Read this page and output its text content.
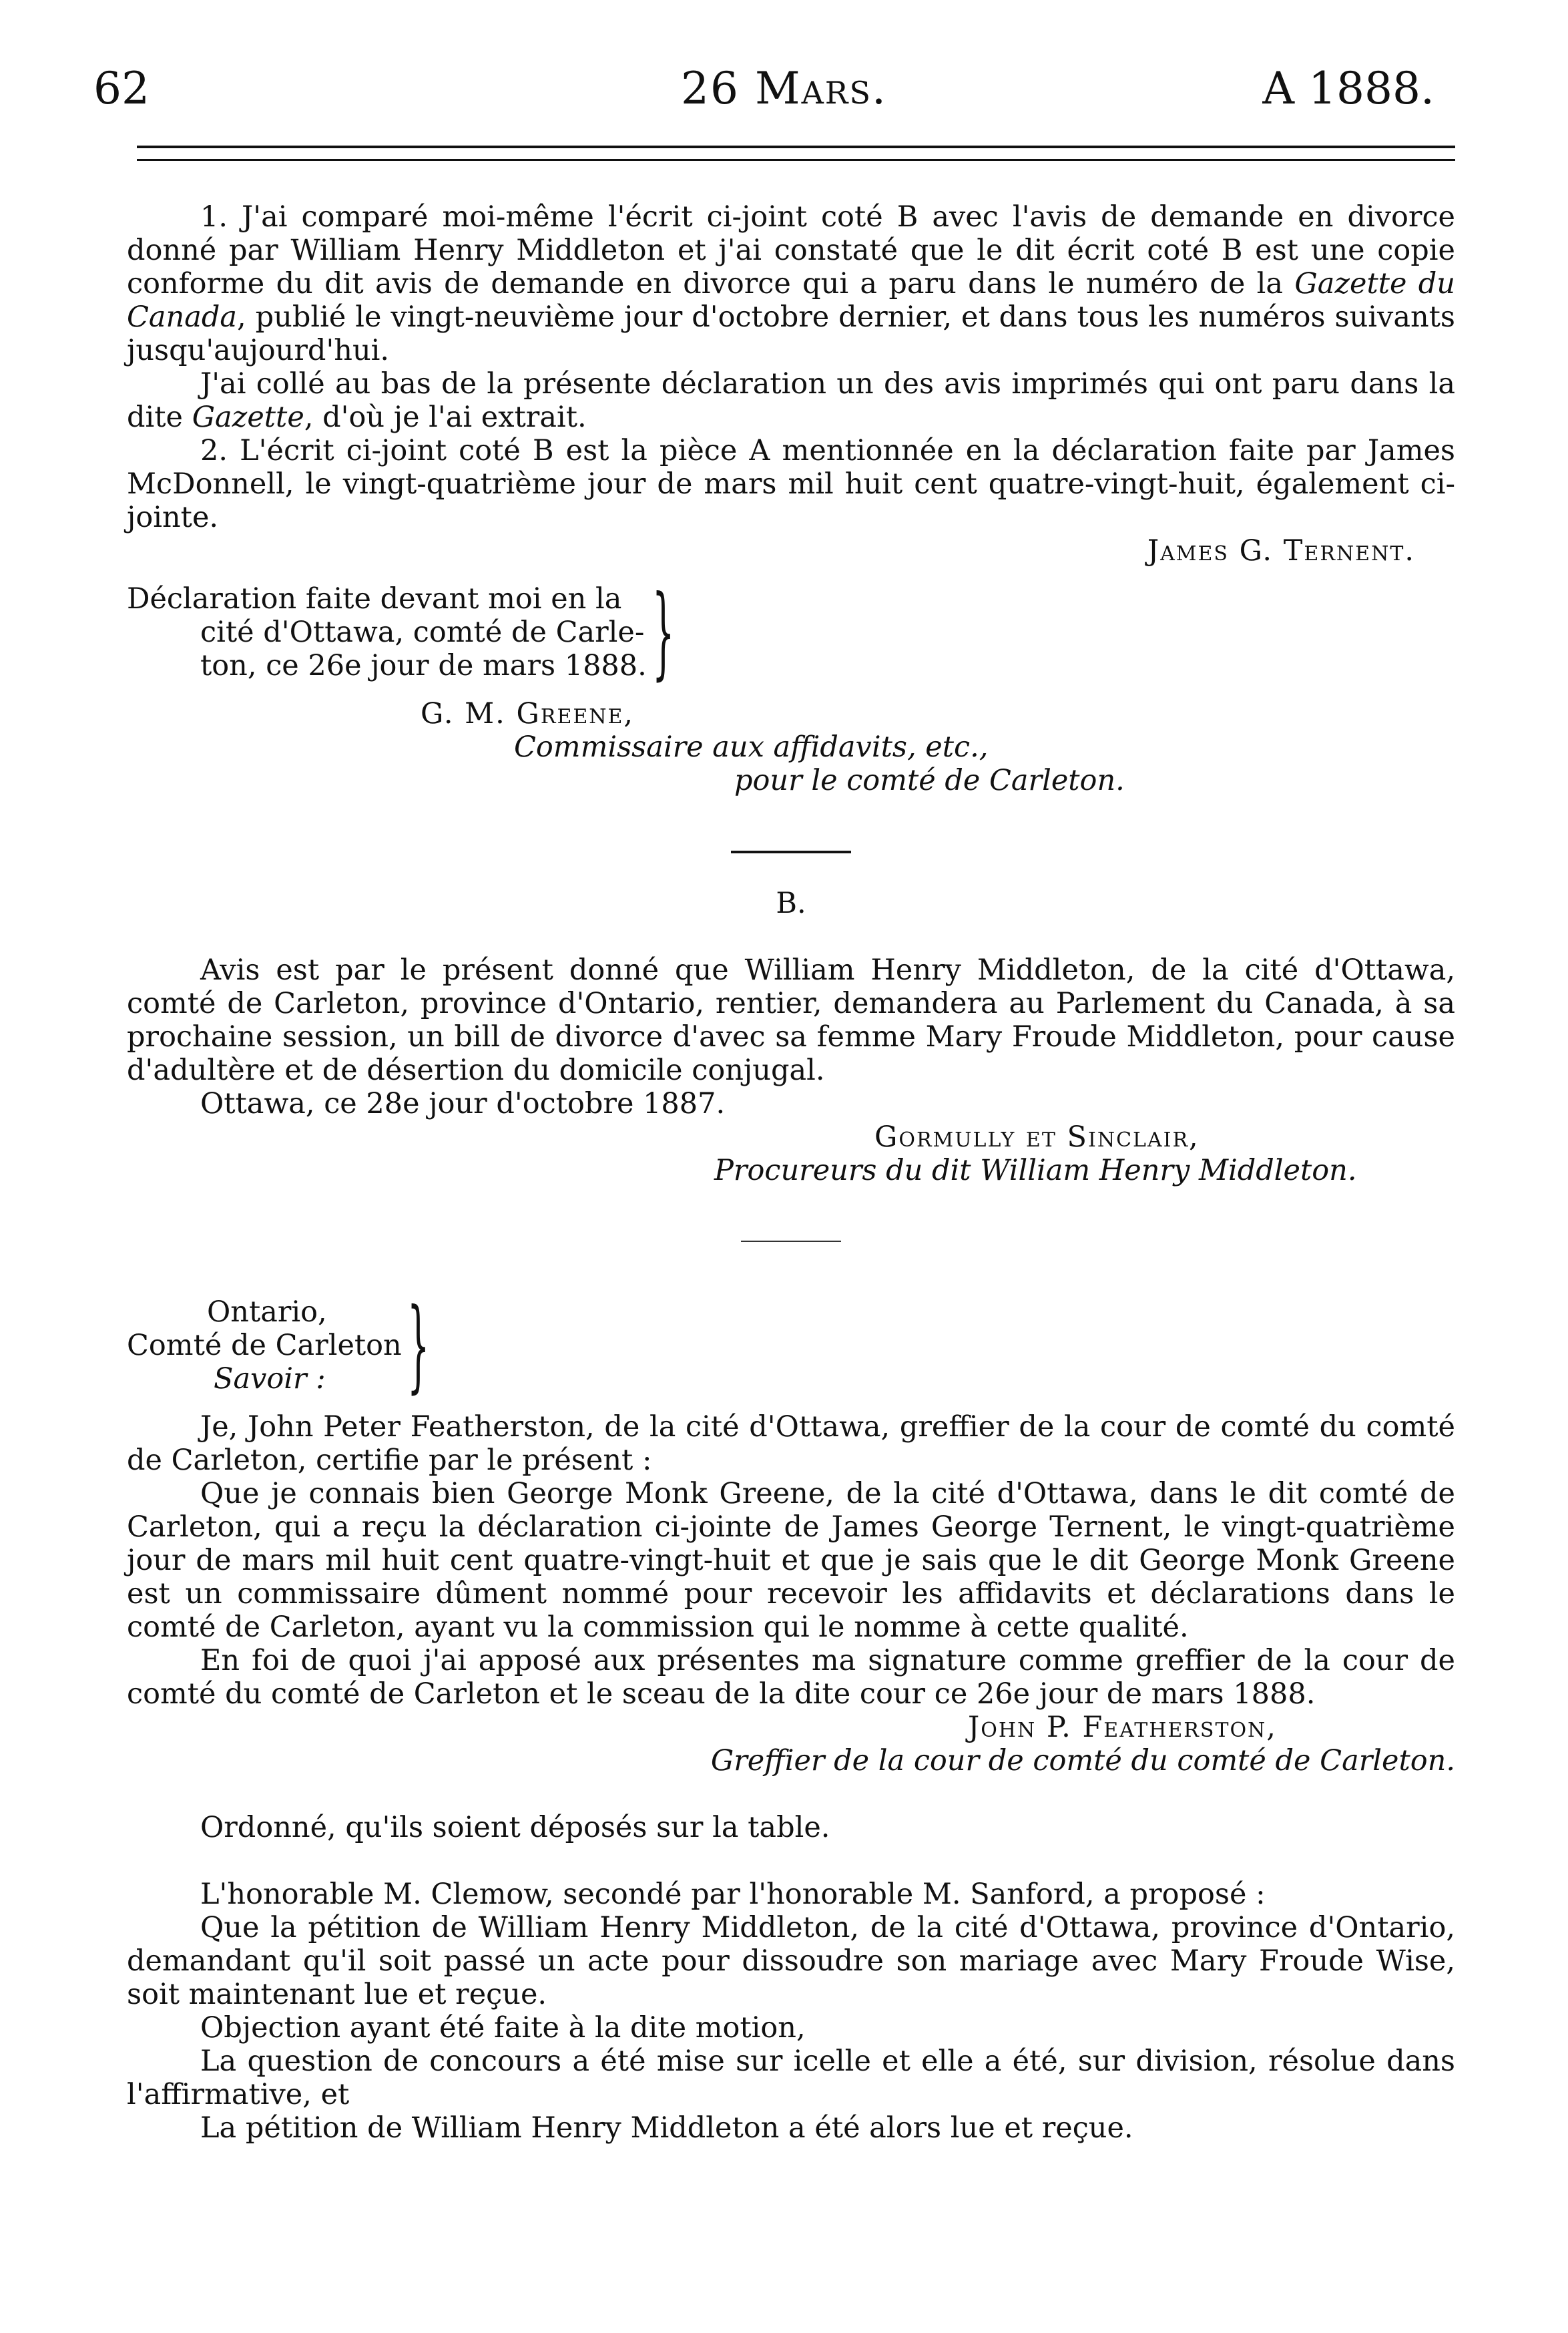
62	26 Mars.	A 1888.

1. J'ai comparé moi-même l'écrit ci-joint coté B avec l'avis de demande en divorce donné par William Henry Middleton et j'ai constaté que le dit écrit coté B est une copie conforme du dit avis de demande en divorce qui a paru dans le numéro de la Gazette du Canada, publié le vingt-neuvième jour d'octobre dernier, et dans tous les numéros suivants jusqu'aujourd'hui.

J'ai collé au bas de la présente déclaration un des avis imprimés qui ont paru dans la dite Gazette, d'où je l'ai extrait.

2. L'écrit ci-joint coté B est la pièce A mentionnée en la déclaration faite par James McDonnell, le vingt-quatrième jour de mars mil huit cent quatre-vingt-huit, également ci-jointe.

James G. Ternent.
Déclaration faite devant moi en la
cité d'Ottawa, comté de Carle-
ton, ce 26e jour de mars 1888. }
G. M. Greene,
Commissaire aux affidavits, etc.,
pour le comté de Carleton.
B.

Avis est par le présent donné que William Henry Middleton, de la cité d'Ottawa, comté de Carleton, province d'Ontario, rentier, demandera au Parlement du Canada, à sa prochaine session, un bill de divorce d'avec sa femme Mary Froude Middleton, pour cause d'adultère et de désertion du domicile conjugal.

Ottawa, ce 28e jour d'octobre 1887.

Gormully et Sinclair,
Procureurs du dit William Henry Middleton.
Ontario,
Comté de Carleton
Savoir : }

Je, John Peter Featherston, de la cité d'Ottawa, greffier de la cour de comté du comté de Carleton, certifie par le présent :

Que je connais bien George Monk Greene, de la cité d'Ottawa, dans le dit comté de Carleton, qui a reçu la déclaration ci-jointe de James George Ternent, le vingt-quatrième jour de mars mil huit cent quatre-vingt-huit et que je sais que le dit George Monk Greene est un commissaire dûment nommé pour recevoir les affidavits et déclarations dans le comté de Carleton, ayant vu la commission qui le nomme à cette qualité.

En foi de quoi j'ai apposé aux présentes ma signature comme greffier de la cour de comté du comté de Carleton et le sceau de la dite cour ce 26e jour de mars 1888.

John P. Featherston,
Greffier de la cour de comté du comté de Carleton.

Ordonné, qu'ils soient déposés sur la table.

L'honorable M. Clemow, secondé par l'honorable M. Sanford, a proposé :

Que la pétition de William Henry Middleton, de la cité d'Ottawa, province d'Ontario, demandant qu'il soit passé un acte pour dissoudre son mariage avec Mary Froude Wise, soit maintenant lue et reçue.

Objection ayant été faite à la dite motion,

La question de concours a été mise sur icelle et elle a été, sur division, résolue dans l'affirmative, et

La pétition de William Henry Middleton a été alors lue et reçue.
